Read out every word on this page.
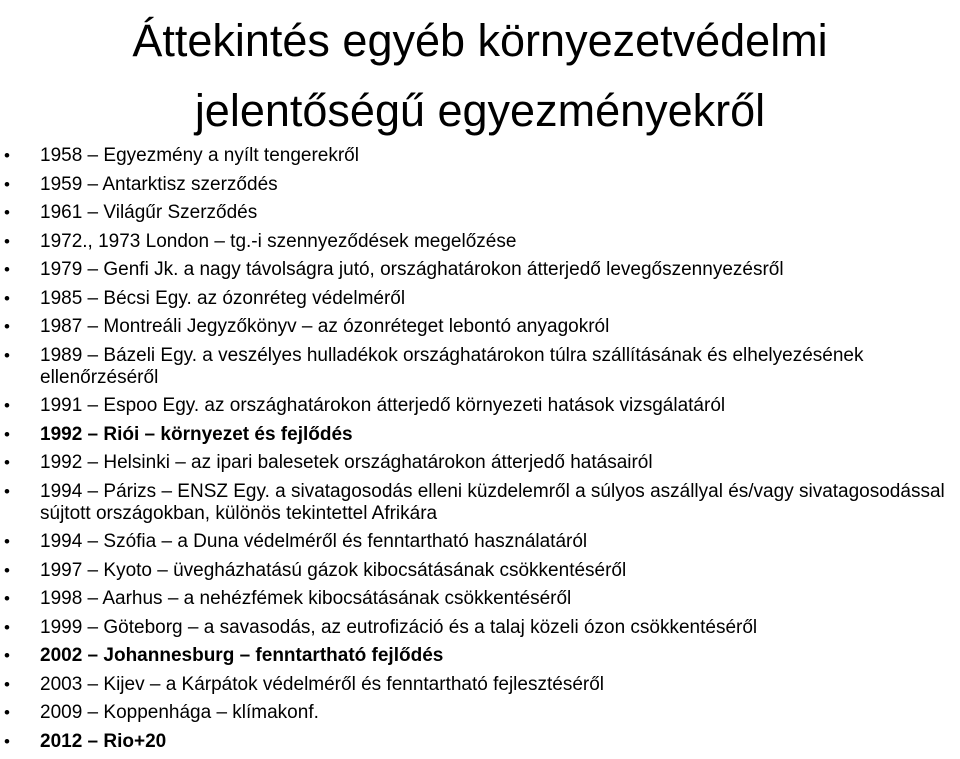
Áttekintés egyéb környezetvédelmi
jelentőségű egyezményekről
• 1958 – Egyezmény a nyílt tengerekről
• 1959 – Antarktisz szerződés
• 1961 – Világűr Szerződés
• 1972., 1973 London – tg.-i szennyeződések megelőzése
• 1979 – Genfi Jk. a nagy távolságra jutó, országhatárokon átterjedő levegőszennyezésről
• 1985 – Bécsi Egy. az ózonréteg védelméről
• 1987 – Montreáli Jegyzőkönyv – az ózonréteget lebontó anyagokról
• 1989 – Bázeli Egy. a veszélyes hulladékok országhatárokon túlra szállításának és elhelyezésének ellenőrzéséről
• 1991 – Espoo Egy. az országhatárokon átterjedő környezeti hatások vizsgálatáról
• 1992 – Riói – környezet és fejlődés
• 1992 – Helsinki – az ipari balesetek országhatárokon átterjedő hatásairól
• 1994 – Párizs – ENSZ Egy. a sivatagosodás elleni küzdelemről a súlyos aszállyal és/vagy sivatagosodással sújtott országokban, különös tekintettel Afrikára
• 1994 – Szófia – a Duna védelméről és fenntartható használatáról
• 1997 – Kyoto – üvegházhatású gázok kibocsátásának csökkentéséről
• 1998 – Aarhus – a nehézfémek kibocsátásának csökkentéséről
• 1999 – Göteborg – a savasodás, az eutrofizáció és a talaj közeli ózon csökkentéséről
• 2002 – Johannesburg – fenntartható fejlődés
• 2003 – Kijev – a Kárpátok védelméről és fenntartható fejlesztéséről
• 2009 – Koppenhága – klímakonf.
• 2012 – Rio+20
